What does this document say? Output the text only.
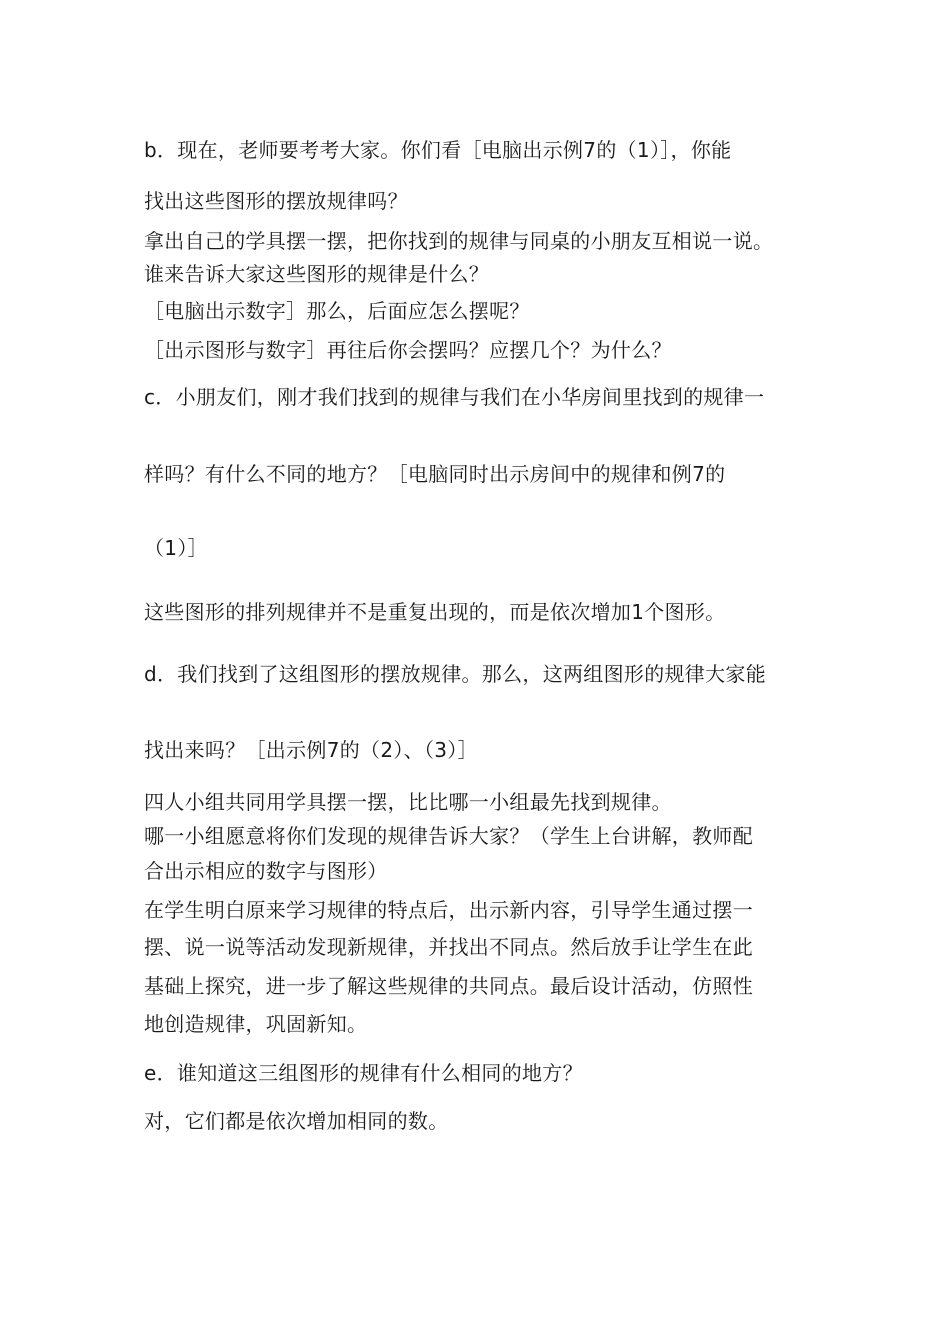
b．现在，老师要考考大家。你们看［电脑出示例7的（1）］，你能
找出这些图形的摆放规律吗？
拿出自己的学具摆一摆，把你找到的规律与同桌的小朋友互相说一说。
谁来告诉大家这些图形的规律是什么？
［电脑出示数字］那么，后面应怎么摆呢？
［出示图形与数字］再往后你会摆吗？应摆几个？为什么？
c．小朋友们，刚才我们找到的规律与我们在小华房间里找到的规律一
样吗？有什么不同的地方？［电脑同时出示房间中的规律和例7的
（1）］
这些图形的排列规律并不是重复出现的，而是依次增加1个图形。
d．我们找到了这组图形的摆放规律。那么，这两组图形的规律大家能
找出来吗？［出示例7的（2）、（3）］
四人小组共同用学具摆一摆，比比哪一小组最先找到规律。
哪一小组愿意将你们发现的规律告诉大家？（学生上台讲解，教师配
合出示相应的数字与图形）
在学生明白原来学习规律的特点后，出示新内容，引导学生通过摆一
摆、说一说等活动发现新规律，并找出不同点。然后放手让学生在此
基础上探究，进一步了解这些规律的共同点。最后设计活动，仿照性
地创造规律，巩固新知。
e．谁知道这三组图形的规律有什么相同的地方？
对，它们都是依次增加相同的数。
